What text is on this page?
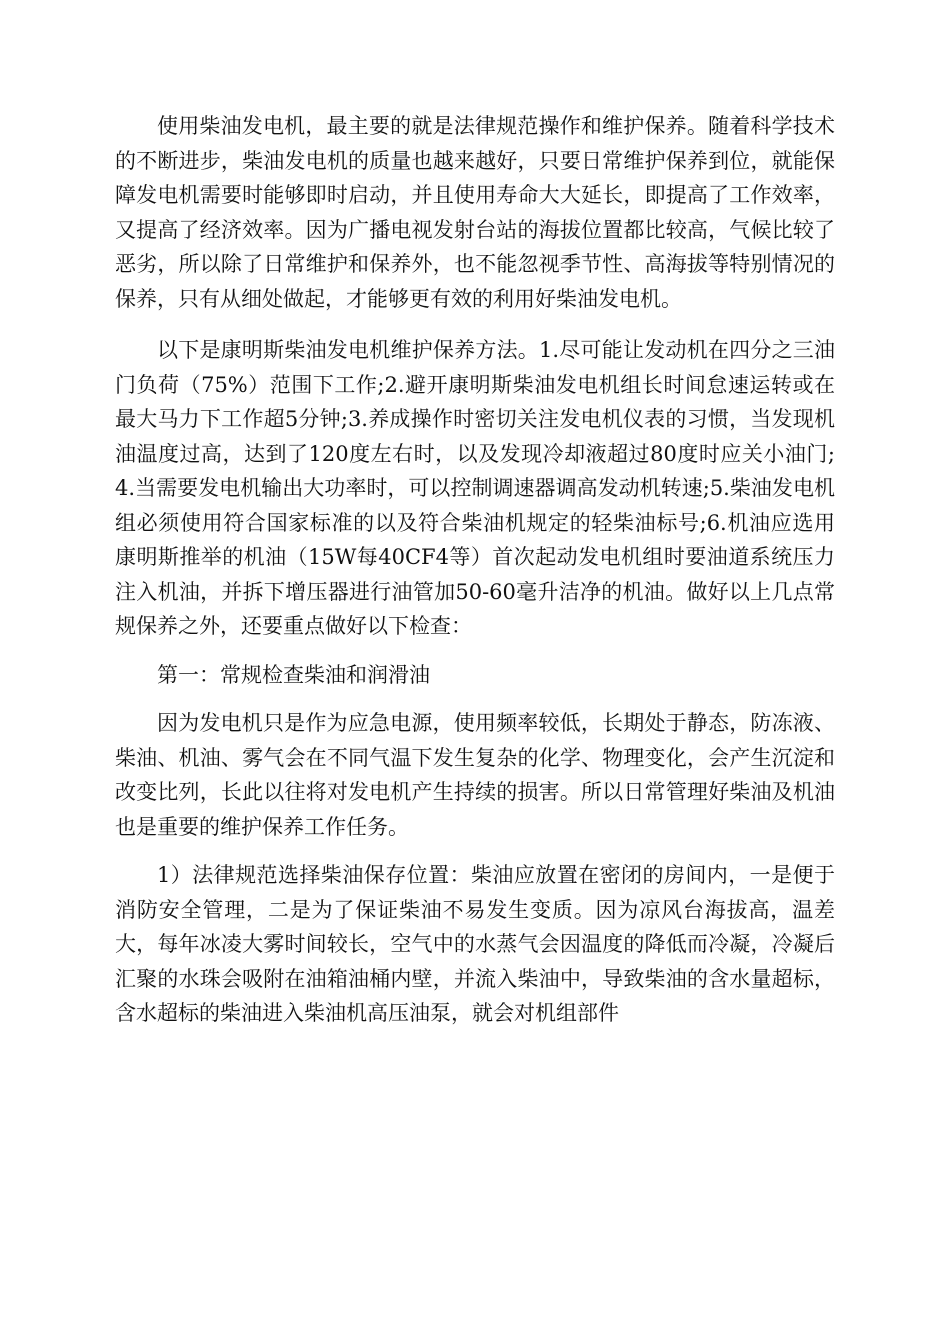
使用柴油发电机，最主要的就是法律规范操作和维护保养。随着科学技术的不断进步，柴油发电机的质量也越来越好，只要日常维护保养到位，就能保障发电机需要时能够即时启动，并且使用寿命大大延长，即提高了工作效率，又提高了经济效率。因为广播电视发射台站的海拔位置都比较高，气候比较了恶劣，所以除了日常维护和保养外，也不能忽视季节性、高海拔等特别情况的保养，只有从细处做起，才能够更有效的利用好柴油发电机。

以下是康明斯柴油发电机维护保养方法。1.尽可能让发动机在四分之三油门负荷（75%）范围下工作;2.避开康明斯柴油发电机组长时间怠速运转或在最大马力下工作超5分钟;3.养成操作时密切关注发电机仪表的习惯，当发现机油温度过高，达到了120度左右时，以及发现冷却液超过80度时应关小油门;4.当需要发电机输出大功率时，可以控制调速器调高发动机转速;5.柴油发电机组必须使用符合国家标准的以及符合柴油机规定的轻柴油标号;6.机油应选用康明斯推举的机油（15W每40CF4等）首次起动发电机组时要油道系统压力注入机油，并拆下增压器进行油管加50-60毫升洁净的机油。做好以上几点常规保养之外，还要重点做好以下检查：

第一：常规检查柴油和润滑油

因为发电机只是作为应急电源，使用频率较低，长期处于静态，防冻液、柴油、机油、雾气会在不同气温下发生复杂的化学、物理变化，会产生沉淀和改变比列，长此以往将对发电机产生持续的损害。所以日常管理好柴油及机油也是重要的维护保养工作任务。

1）法律规范选择柴油保存位置：柴油应放置在密闭的房间内，一是便于消防安全管理，二是为了保证柴油不易发生变质。因为凉风台海拔高，温差大，每年冰凌大雾时间较长，空气中的水蒸气会因温度的降低而冷凝，冷凝后汇聚的水珠会吸附在油箱油桶内壁，并流入柴油中，导致柴油的含水量超标，含水超标的柴油进入柴油机高压油泵，就会对机组部件
